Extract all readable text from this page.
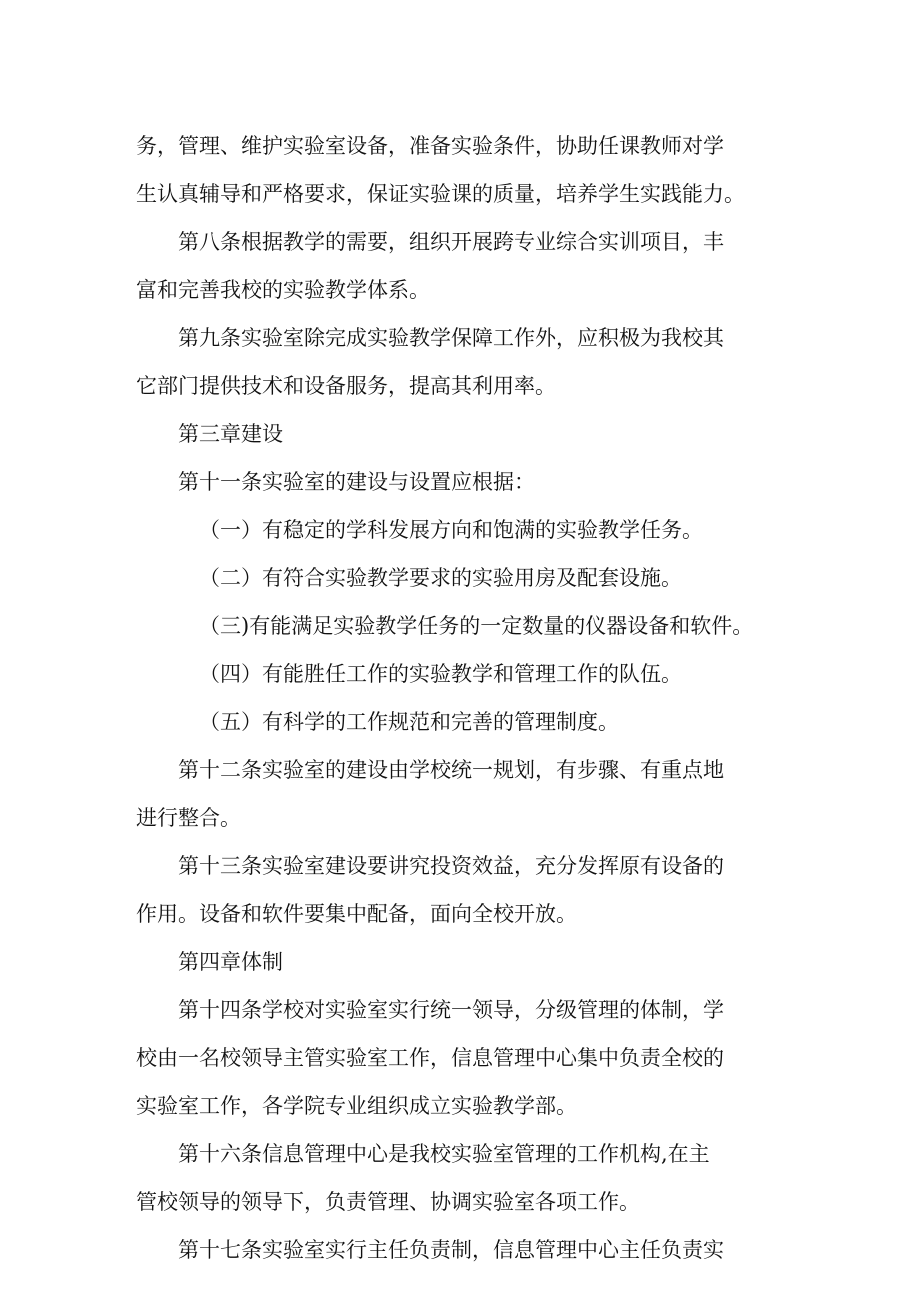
务，管理、维护实验室设备，准备实验条件，协助任课教师对学
生认真辅导和严格要求，保证实验课的质量，培养学生实践能力。
第八条根据教学的需要，组织开展跨专业综合实训项目，丰
富和完善我校的实验教学体系。
第九条实验室除完成实验教学保障工作外，应积极为我校其
它部门提供技术和设备服务，提高其利用率。
第三章建设
第十一条实验室的建设与设置应根据：
（一）有稳定的学科发展方向和饱满的实验教学任务。
（二）有符合实验教学要求的实验用房及配套设施。
（三)有能满足实验教学任务的一定数量的仪器设备和软件。
（四）有能胜任工作的实验教学和管理工作的队伍。
（五）有科学的工作规范和完善的管理制度。
第十二条实验室的建设由学校统一规划，有步骤、有重点地
进行整合。
第十三条实验室建设要讲究投资效益，充分发挥原有设备的
作用。设备和软件要集中配备，面向全校开放。
第四章体制
第十四条学校对实验室实行统一领导，分级管理的体制，学
校由一名校领导主管实验室工作，信息管理中心集中负责全校的
实验室工作，各学院专业组织成立实验教学部。
第十六条信息管理中心是我校实验室管理的工作机构,在主
管校领导的领导下，负责管理、协调实验室各项工作。
第十七条实验室实行主任负责制，信息管理中心主任负责实
